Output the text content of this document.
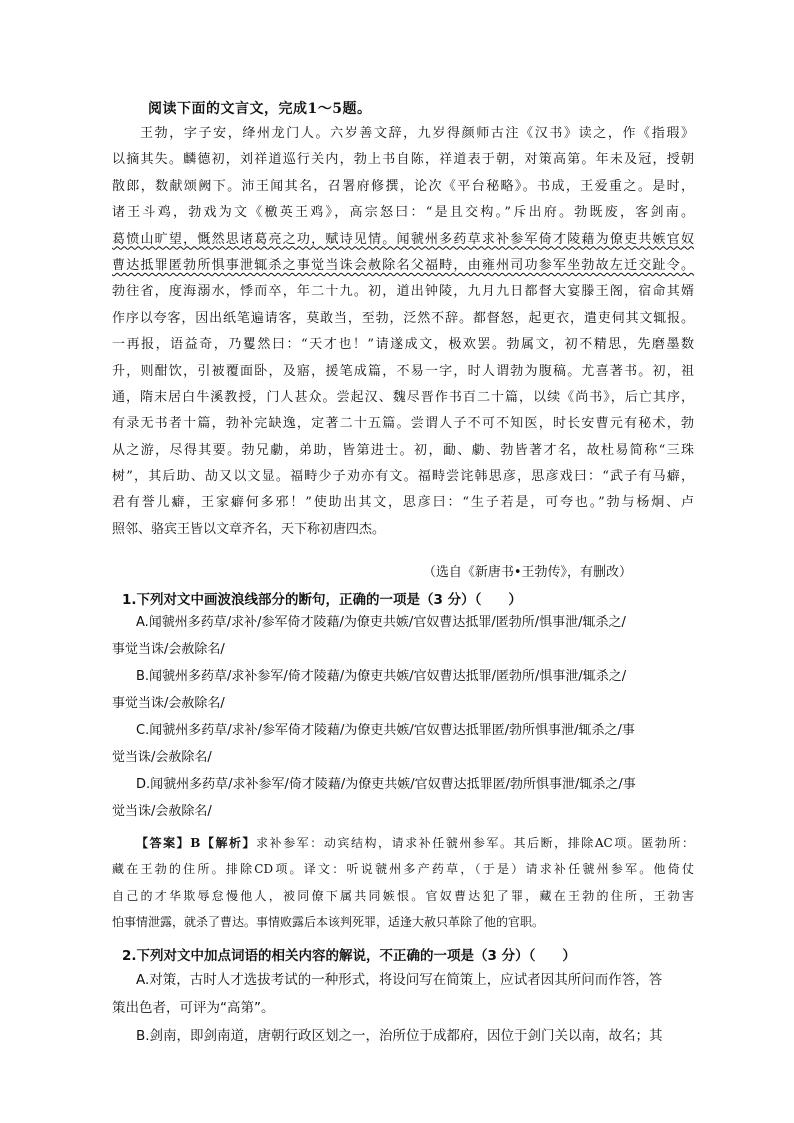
阅读下面的文言文，完成1～5题。
王勃，字子安，绛州龙门人。六岁善文辞，九岁得颜师古注《汉书》读之，作《指瑕》
以摘其失。麟德初，刘祥道巡行关内，勃上书自陈，祥道表于朝，对策高第。年未及冠，授朝
散郎，数献颂阙下。沛王闻其名，召署府修撰，论次《平台秘略》。书成，王爱重之。是时，
诸王斗鸡，勃戏为文《檄英王鸡》，高宗怒曰：“是且交构。”斥出府。勃既废，客剑南。
葛愤山旷望，慨然思诸葛亮之功，赋诗见情。闻虢州多药草求补参军倚才陵藉为僚吏共嫉官奴
曹达抵罪匿勃所惧事泄辄杀之事觉当诛会赦除名父福畤，由雍州司功参军坐勃故左迁交趾令。
勃往省，度海溺水，悸而卒，年二十九。初，道出钟陵，九月九日都督大宴滕王阁，宿命其婿
作序以夸客，因出纸笔遍请客，莫敢当，至勃，泛然不辞。都督怒，起更衣，遣吏伺其文辄报。
一再报，语益奇，乃矍然曰：“天才也！”请遂成文，极欢罢。勃属文，初不精思，先磨墨数
升，则酣饮，引被覆面卧，及寤，援笔成篇，不易一字，时人谓勃为腹稿。尤喜著书。初，祖
通，隋末居白牛溪教授，门人甚众。尝起汉、魏尽晋作书百二十篇，以续《尚书》，后亡其序，
有录无书者十篇，勃补完缺逸，定著二十五篇。尝谓人子不可不知医，时长安曹元有秘术，勃
从之游，尽得其要。勃兄勮，弟助，皆第进士。初，勔、勮、勃皆著才名，故杜易简称“三珠
树”，其后助、劼又以文显。福畤少子劝亦有文。福畤尝诧韩思彦，思彦戏曰：“武子有马癖，
君有誉儿癖，王家癖何多邪！”使助出其文，思彦曰：“生子若是，可夸也。”勃与杨炯、卢
照邻、骆宾王皆以文章齐名，天下称初唐四杰。
（选自《新唐书•王勃传》，有删改）
1.下列对文中画波浪线部分的断句，正确的一项是（3 分）（　　）
A.闻虢州多药草/求补/参军倚才陵藉/为僚吏共嫉/官奴曹达抵罪/匿勃所/惧事泄/辄杀之/
事觉当诛/会赦除名/
B.闻虢州多药草/求补参军/倚才陵藉/为僚吏共嫉/官奴曹达抵罪/匿勃所/惧事泄/辄杀之/
事觉当诛/会赦除名/
C.闻虢州多药草/求补/参军倚才陵藉/为僚吏共嫉/官奴曹达抵罪匿/勃所惧事泄/辄杀之/事
觉当诛/会赦除名/
D.闻虢州多药草/求补参军/倚才陵藉/为僚吏共嫉/官奴曹达抵罪匿/勃所惧事泄/辄杀之/事
觉当诛/会赦除名/
【答案】B【解析】求补参军：动宾结构，请求补任虢州参军。其后断，排除AC项。匿勃所：
藏在王勃的住所。排除CD项。译文：听说虢州多产药草，（于是）请求补任虢州参军。他倚仗
自己的才华欺辱怠慢他人，被同僚下属共同嫉恨。官奴曹达犯了罪，藏在王勃的住所，王勃害
怕事情泄露，就杀了曹达。事情败露后本该判死罪，适逢大赦只革除了他的官职。
2.下列对文中加点词语的相关内容的解说，不正确的一项是（3 分）（　　）
A.对策，古时人才选拔考试的一种形式，将设问写在简策上，应试者因其所问而作答，答
策出色者，可评为“高第”。
B.剑南，即剑南道，唐朝行政区划之一，治所位于成都府，因位于剑门关以南，故名；其
